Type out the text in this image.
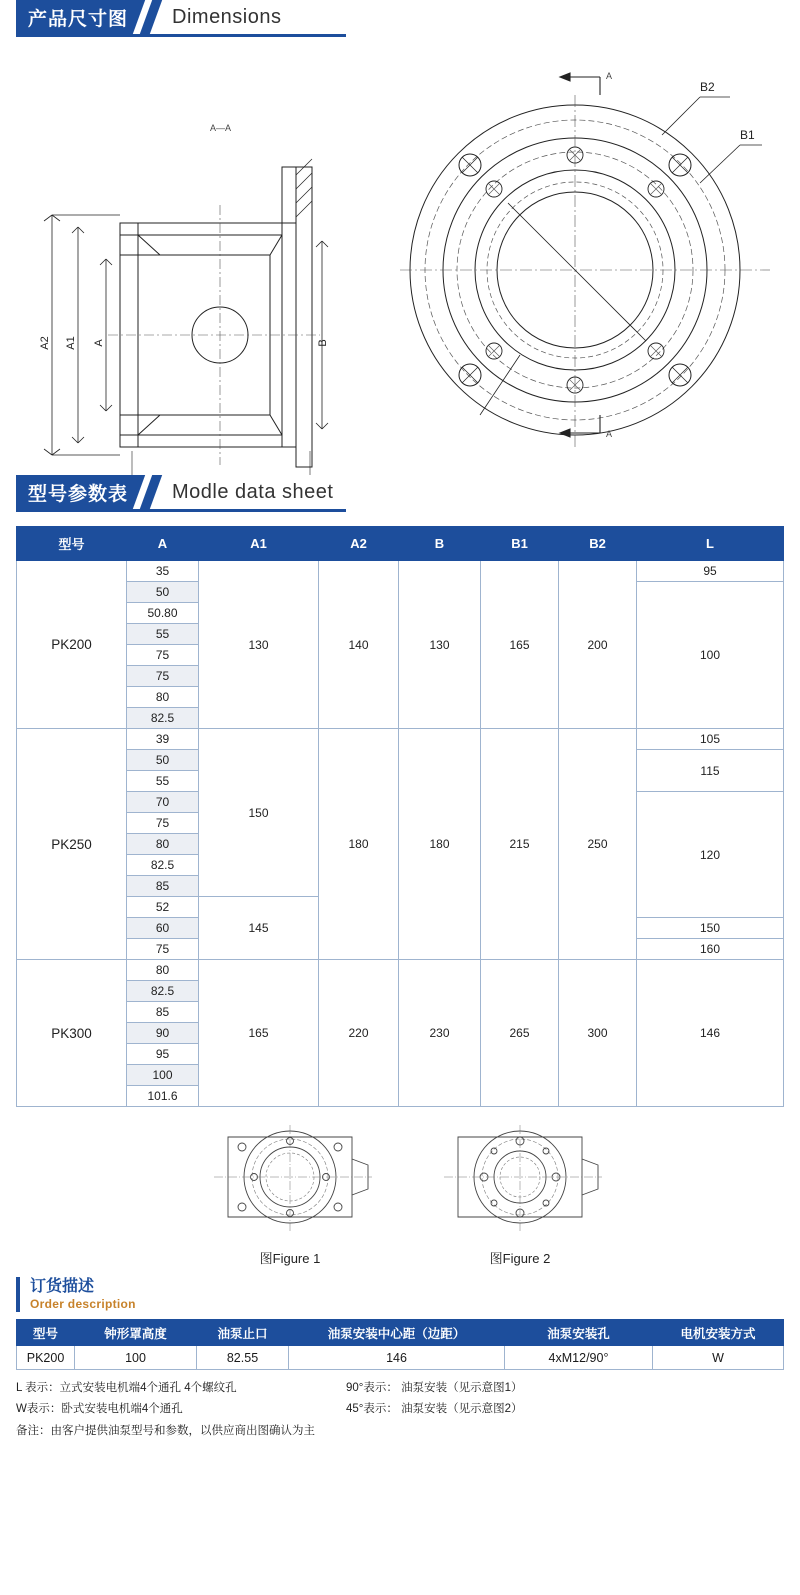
产品尺寸图	Dimensions
A2 A1 A	B
A—A
B2
B1
A
A
型号参数表	Modle data sheet
型号	A	A1	A2	B	B1	B2	L
PK200	35	130	140	130	165	200	95
	50						100
	50.80						
	55						
	75						
	75						
	80						
	82.5						
PK250	39	150	180	180	215	250	105
	50						115
	55						
	70						120
	75						
	80						
	82.5						
	85						
	52	145					
	60						150
	75						160
PK300	80	165	220	230	265	300	146
	82.5						
	85						
	90						
	95						
	100						
	101.6						
图Figure 1	图Figure 2
订货描述
Order description
型号	钟形罩高度	油泵止口	油泵安装中心距（边距）	油泵安装孔	电机安装方式
PK200	100	82.55	146	4xM12/90°	W
L 表示：立式安装电机端4个通孔 4个螺纹孔	90°表示： 油泵安装（见示意图1）
W表示：卧式安装电机端4个通孔	45°表示： 油泵安装（见示意图2）
备注：由客户提供油泵型号和参数，以供应商出图确认为主
